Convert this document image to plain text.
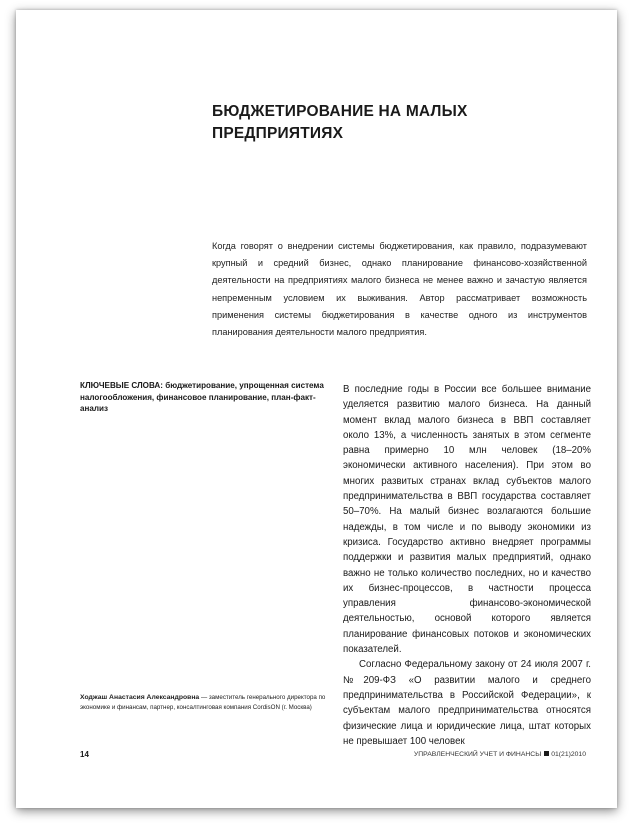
БЮДЖЕТИРОВАНИЕ НА МАЛЫХ ПРЕДПРИЯТИЯХ

Когда говорят о внедрении системы бюджетирования, как правило, подразумевают крупный и средний бизнес, однако планирование финансово-хозяйственной деятельности на предприятиях малого бизнеса не менее важно и зачастую является непременным условием их выживания. Автор рассматривает возможность применения системы бюджетирования в качестве одного из инструментов планирования деятельности малого предприятия.

КЛЮЧЕВЫЕ СЛОВА: бюджетирование, упрощенная система налогообложения, финансовое планирование, план-факт-анализ

В последние годы в России все большее внимание уделяется развитию малого бизнеса. На данный момент вклад малого бизнеса в ВВП составляет около 13%, а численность занятых в этом сегменте равна примерно 10 млн человек (18–20% экономически активного населения). При этом во многих развитых странах вклад субъектов малого предпринимательства в ВВП государства составляет 50–70%. На малый бизнес возлагаются большие надежды, в том числе и по выводу экономики из кризиса. Государство активно внедряет программы поддержки и развития малых предприятий, однако важно не только количество последних, но и качество их бизнес-процессов, в частности процесса управления финансово-экономической деятельностью, основой которого является планирование финансовых потоков и экономических показателей.

Согласно Федеральному закону от 24 июля 2007 г. №209-ФЗ «О развитии малого и среднего предпринимательства в Российской Федерации», к субъектам малого предпринимательства относятся физические лица и юридические лица, штат которых не превышает 100 человек

Ходжаш Анастасия Александровна — заместитель генерального директора по экономике и финансам, партнер, консалтинговая компания CordisON (г. Москва)

14	УПРАВЛЕНЧЕСКИЙ УЧЕТ И ФИНАНСЫ 01(21)2010
